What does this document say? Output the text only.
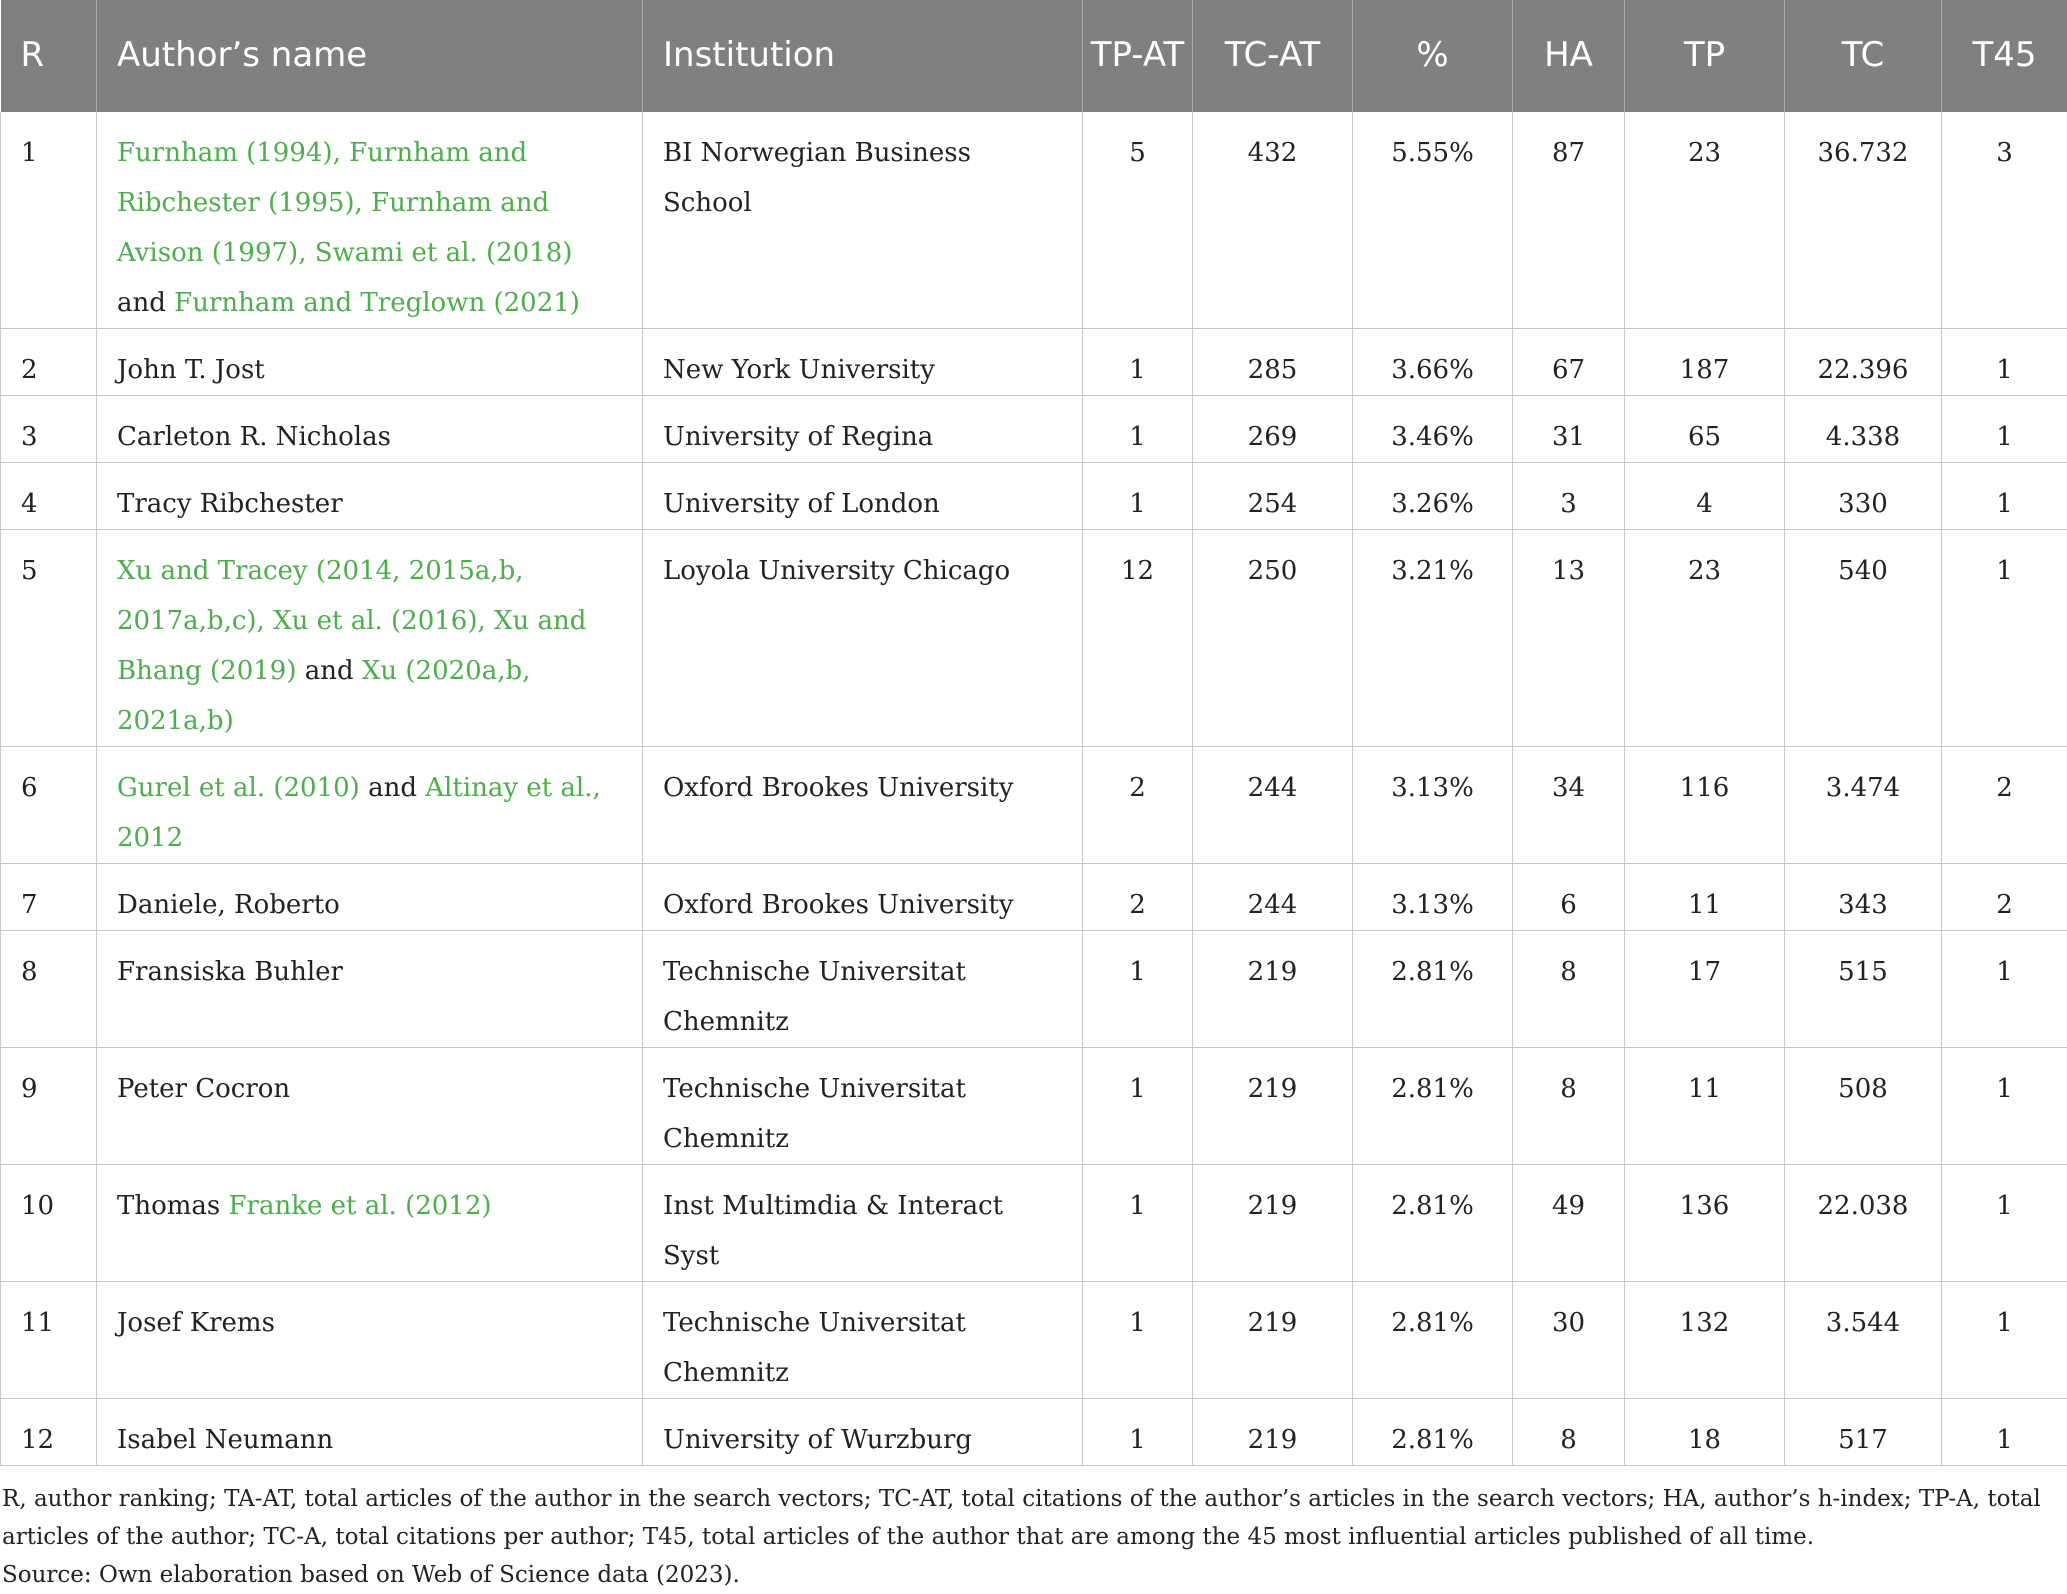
R	Author’s name	Institution	TP-AT	TC-AT	%	HA	TP	TC	T45
1	Furnham (1994), Furnham and Ribchester (1995), Furnham and Avison (1997), Swami et al. (2018) and Furnham and Treglown (2021)	BI Norwegian Business School	5	432	5.55%	87	23	36.732	3
2	John T. Jost	New York University	1	285	3.66%	67	187	22.396	1
3	Carleton R. Nicholas	University of Regina	1	269	3.46%	31	65	4.338	1
4	Tracy Ribchester	University of London	1	254	3.26%	3	4	330	1
5	Xu and Tracey (2014, 2015a,b, 2017a,b,c), Xu et al. (2016), Xu and Bhang (2019) and Xu (2020a,b, 2021a,b)	Loyola University Chicago	12	250	3.21%	13	23	540	1
6	Gurel et al. (2010) and Altinay et al., 2012	Oxford Brookes University	2	244	3.13%	34	116	3.474	2
7	Daniele, Roberto	Oxford Brookes University	2	244	3.13%	6	11	343	2
8	Fransiska Buhler	Technische Universitat Chemnitz	1	219	2.81%	8	17	515	1
9	Peter Cocron	Technische Universitat Chemnitz	1	219	2.81%	8	11	508	1
10	Thomas Franke et al. (2012)	Inst Multimdia & Interact Syst	1	219	2.81%	49	136	22.038	1
11	Josef Krems	Technische Universitat Chemnitz	1	219	2.81%	30	132	3.544	1
12	Isabel Neumann	University of Wurzburg	1	219	2.81%	8	18	517	1

R, author ranking; TA-AT, total articles of the author in the search vectors; TC-AT, total citations of the author’s articles in the search vectors; HA, author’s h-index; TP-A, total articles of the author; TC-A, total citations per author; T45, total articles of the author that are among the 45 most influential articles published of all time.

Source: Own elaboration based on Web of Science data (2023).
